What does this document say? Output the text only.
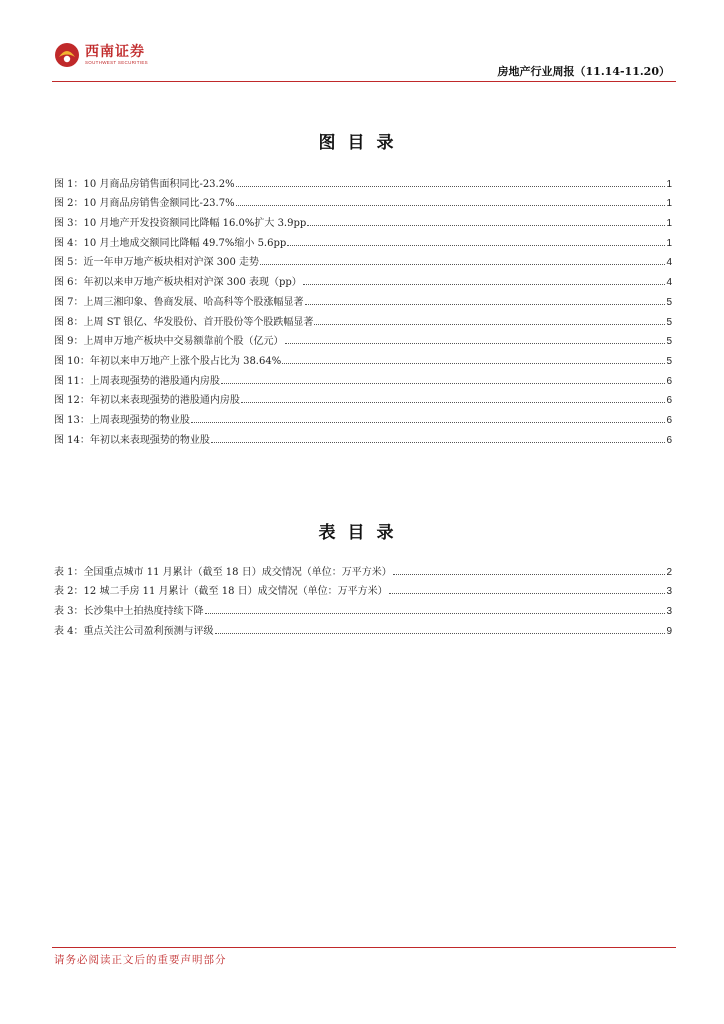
西南证券
SOUTHWEST SECURITIES
房地产行业周报（11.14-11.20）
图目录
图 1：10 月商品房销售面积同比-23.2%	1
图 2：10 月商品房销售金额同比-23.7%	1
图 3：10 月地产开发投资额同比降幅 16.0%扩大 3.9pp	1
图 4：10 月土地成交额同比降幅 49.7%缩小 5.6pp	1
图 5：近一年申万地产板块相对沪深 300 走势	4
图 6：年初以来申万地产板块相对沪深 300 表现（pp）	4
图 7：上周三湘印象、鲁商发展、哈高科等个股涨幅显著	5
图 8：上周 ST 银亿、华发股份、首开股份等个股跌幅显著	5
图 9：上周申万地产板块中交易额靠前个股（亿元）	5
图 10：年初以来申万地产上涨个股占比为 38.64%	5
图 11：上周表现强势的港股通内房股	6
图 12：年初以来表现强势的港股通内房股	6
图 13：上周表现强势的物业股	6
图 14：年初以来表现强势的物业股	6
表目录
表 1：全国重点城市 11 月累计（截至 18 日）成交情况（单位：万平方米）	2
表 2：12 城二手房 11 月累计（截至 18 日）成交情况（单位：万平方米）	3
表 3：长沙集中土拍热度持续下降	3
表 4：重点关注公司盈利预测与评级	9
请务必阅读正文后的重要声明部分
